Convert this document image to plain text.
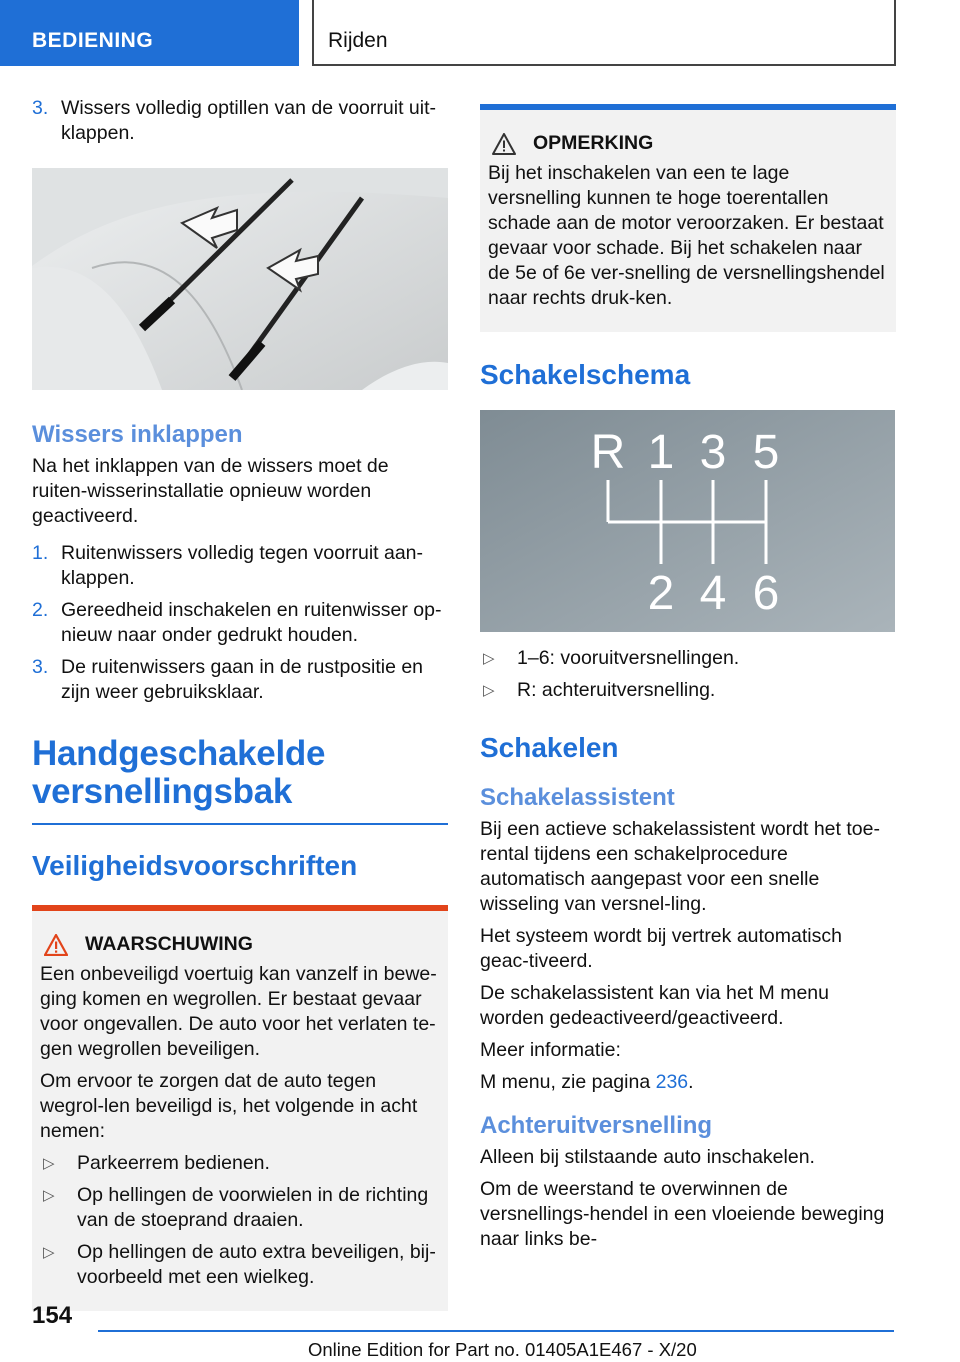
BEDIENING	Rijden
3. Wissers volledig optillen van de voorruit uit-klappen.
Wissers inklappen

Na het inklappen van de wissers moet de ruiten-wisserinstallatie opnieuw worden geactiveerd.

1. Ruitenwissers volledig tegen voorruit aan-klappen.
2. Gereedheid inschakelen en ruitenwisser op-nieuw naar onder gedrukt houden.
3. De ruitenwissers gaan in de rustpositie en zijn weer gebruiksklaar.
Handgeschakelde versnellingsbak
Veiligheidsvoorschriften
WAARSCHUWING

Een onbeveiligd voertuig kan vanzelf in bewe-ging komen en wegrollen. Er bestaat gevaar voor ongevallen. De auto voor het verlaten te-gen wegrollen beveiligen.

Om ervoor te zorgen dat de auto tegen wegrol-len beveiligd is, het volgende in acht nemen:

▷ Parkeerrem bedienen.
▷ Op hellingen de voorwielen in de richting van de stoeprand draaien.
▷ Op hellingen de auto extra beveiligen, bij-voorbeeld met een wielkeg.
OPMERKING

Bij het inschakelen van een te lage versnelling kunnen te hoge toerentallen schade aan de motor veroorzaken. Er bestaat gevaar voor schade. Bij het schakelen naar de 5e of 6e ver-snelling de versnellingshendel naar rechts druk-ken.

Schakelschema
R 1 3 5
2 4 6
▷ 1–6: vooruitversnellingen.
▷ R: achteruitversnelling.
Schakelen
Schakelassistent

Bij een actieve schakelassistent wordt het toe-rental tijdens een schakelprocedure automatisch aangepast voor een snelle wisseling van versnel-ling.

Het systeem wordt bij vertrek automatisch geac-tiveerd.

De schakelassistent kan via het M menu worden gedeactiveerd/geactiveerd.

Meer informatie:

M menu, zie pagina 236.

Achteruitversnelling

Alleen bij stilstaande auto inschakelen.

Om de weerstand te overwinnen de versnellings-hendel in een vloeiende beweging naar links be-

154
Online Edition for Part no. 01405A1E467 - X/20
